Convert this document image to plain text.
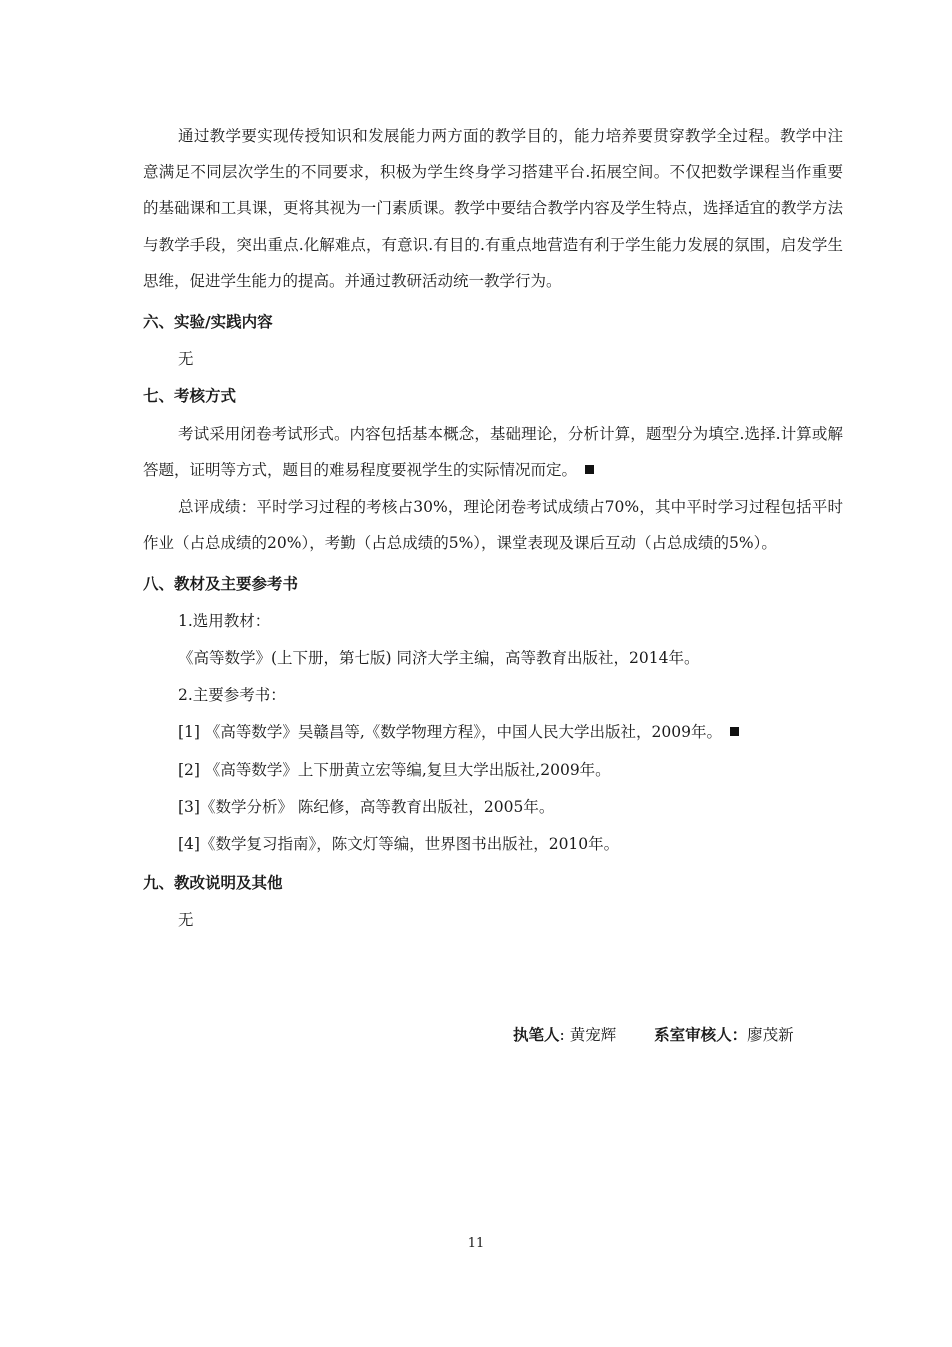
通过教学要实现传授知识和发展能力两方面的教学目的，能力培养要贯穿教学全过程。教学中注意满足不同层次学生的不同要求，积极为学生终身学习搭建平台.拓展空间。不仅把数学课程当作重要的基础课和工具课，更将其视为一门素质课。教学中要结合教学内容及学生特点，选择适宜的教学方法与教学手段，突出重点.化解难点，有意识.有目的.有重点地营造有利于学生能力发展的氛围，启发学生思维，促进学生能力的提高。并通过教研活动统一教学行为。

六、实验/实践内容

无

七、考核方式

考试采用闭卷考试形式。内容包括基本概念，基础理论，分析计算，题型分为填空.选择.计算或解答题，证明等方式，题目的难易程度要视学生的实际情况而定。

总评成绩：平时学习过程的考核占30%，理论闭卷考试成绩占70%，其中平时学习过程包括平时作业（占总成绩的20%），考勤（占总成绩的5%），课堂表现及课后互动（占总成绩的5%）。

八、教材及主要参考书

1.选用教材：

《高等数学》(上下册，第七版) 同济大学主编，高等教育出版社，2014年。

2.主要参考书：

[1] 《高等数学》吴赣昌等,《数学物理方程》，中国人民大学出版社，2009年。

[2] 《高等数学》上下册黄立宏等编,复旦大学出版社,2009年。

[3]《数学分析》 陈纪修，高等教育出版社，2005年。

[4]《数学复习指南》，陈文灯等编，世界图书出版社，2010年。

九、教改说明及其他

无

执笔人: 黄宠辉 系室审核人：廖茂新
11
